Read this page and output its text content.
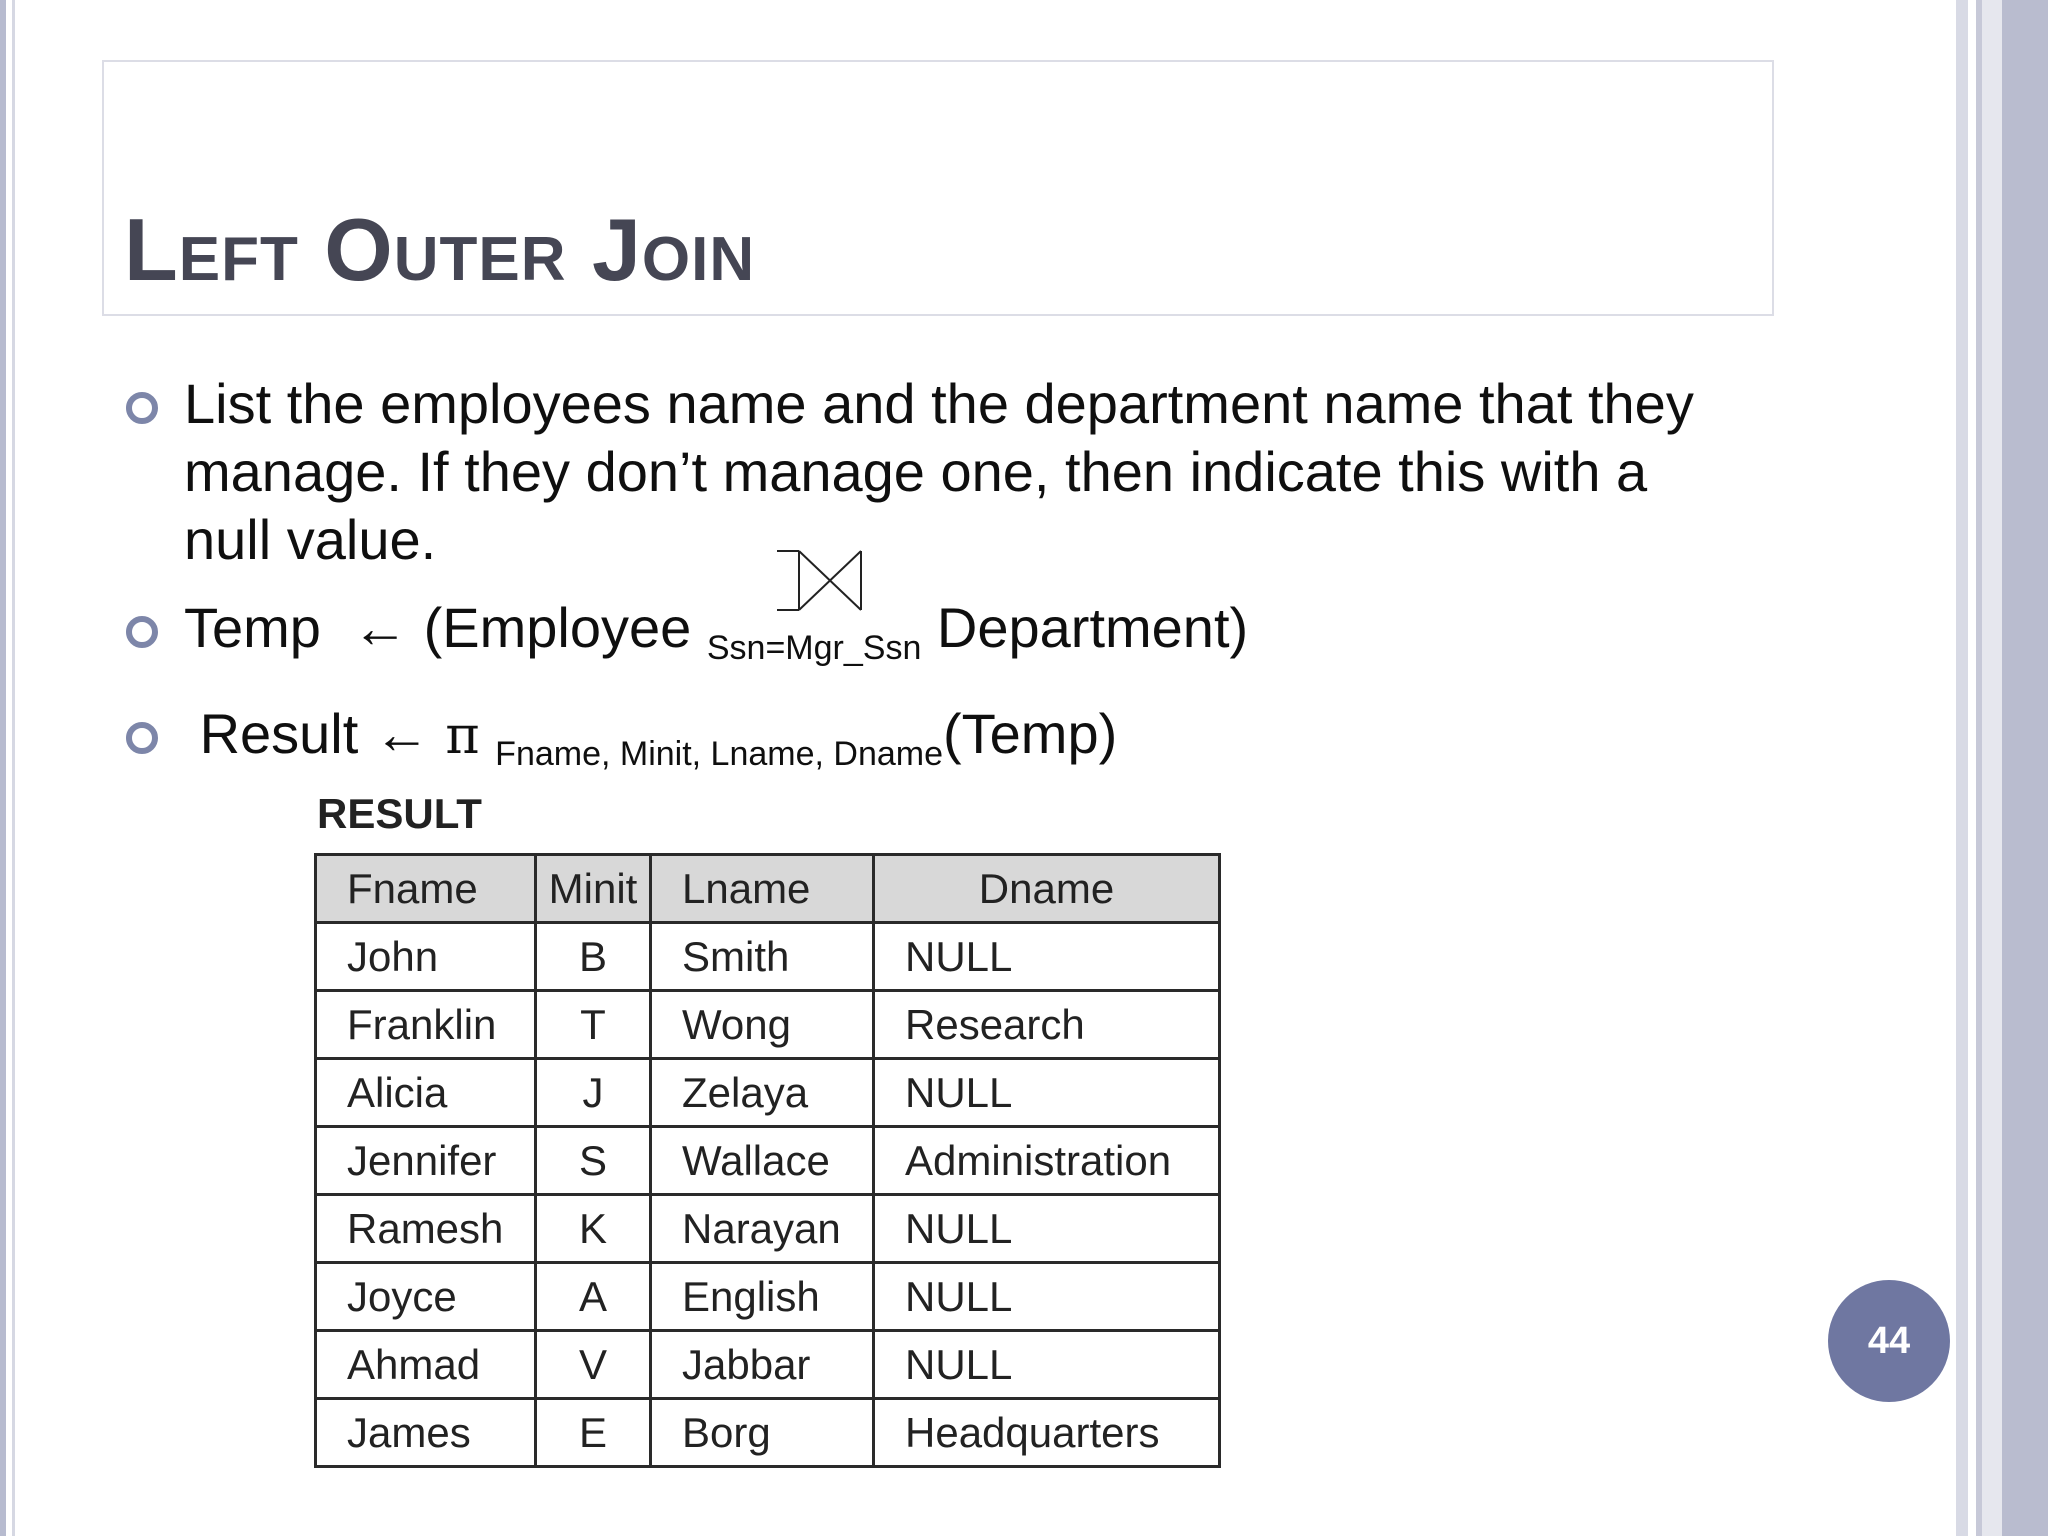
Left Outer Join
List the employees name and the department name that they
manage. If they don’t manage one, then indicate this with a
null value.
Temp ← (Employee $_{Ssn=Mgr\_Ssn}$ Department)
Result ← π $_{Fname, Minit, Lname, Dname}$(Temp)
RESULT
Fname	Minit	Lname	Dname
John	B	Smith	NULL
Franklin	T	Wong	Research
Alicia	J	Zelaya	NULL
Jennifer	S	Wallace	Administration
Ramesh	K	Narayan	NULL
Joyce	A	English	NULL
Ahmad	V	Jabbar	NULL
James	E	Borg	Headquarters
44
